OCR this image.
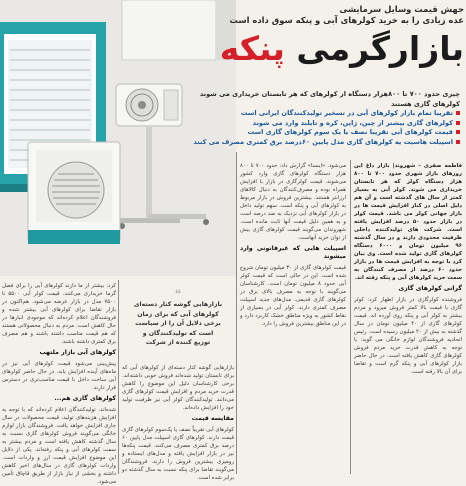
جهش قیمت وسایل سرمایشی
عده زیادی را به خرید کولرهای آبی و پنکه سوق داده است
بازارگرمی پنکه
چیزی حدود ۷۰۰ تا ۸۰۰هزار دستگاه از کولرهای که هر تابستان خریداری می شوند
کولرهای گازی هستند
تقریبا تمام بازار کولرهای آبی در تسخیر تولیدکنندگان ایرانی است
کولرهای گازی بیشتر از چین، ژاپن، کره و تایلند وارد می شوند
قیمت کولرهای آبی تقریبا نصف یا یک سوم کولرهای گازی است
اسپیلت هاسیت یه کولرهای گازی مدل پایین ۶۰درصد برق کمتری مصرف می کنند
فاطمه صفری - شهروند| بازار داغ این روزهای بازار شهری حدود ۷۰۰ تا ۸۰۰ هزار دستگاه کولر که هر تابستان خریداری می شوند. کولر آبی به بسیار کمتر از سال های گذشته است و آن هم دلیل اصلی در کنار افزایش قیمت ها در بازار جهانی کولر می باشد. قیمت کولر در بازار حدود ۵۰ درصد افزایش یافته است. شرکت های تولیدکننده داخلی ظرفیت محدودی دارند و در سال گذشته ۹۶ میلیون تومان و ۶۰۰۰ دستگاه کولرهای گازی تولید شده است. وی بیان کرد با توجه به افزایش قیمت ها در بازار حدود ۶۰ درصد از مصرف کنندگان به سمت خرید کولرهای آبی و پنکه رفته اند.
گرانی کولرهای گازی
فروشنده کولرگازی در بازار اظهار کرد: کولر گازی با قیمت بالا کمتر فروش میرود و مردم بیشتر به کولر آبی و پنکه روی آورده اند. قیمت کولرهای گازی از ۴۰ میلیون تومان در سال گذشته به بیش از ۲۰ میلیون رسیده است. رئیس اتحادیه فروشندگان لوازم خانگی می گوید: با توجه به کاهش قدرت خرید مردم فروش کولرهای گازی کاهش یافته است. در حال حاضر بازار کولرهای آبی و پنکه گرم است و تقاضا برای آن بالا رفته است.
می‌شود. «ایسنا» گزارش داد: حدود ۷۰۰ تا ۸۰۰ هزار دستگاه کولرهای گازی وارد کشور می‌شوند. قیمت کولرگازی در بازار با افزایش همراه بوده و مصرف‌کنندگان به دنبال کالاهای ارزانتر هستند. بیشترین فروش در بازار مربوط به کولرهای آبی و پنکه است. سهم تولید داخل در بازار کولرهای آبی نزدیک به صد درصد است و به همین دلیل قیمت آنها ثابت مانده است. شهروندان می‌گویند قیمت کولرهای گازی بیش از توان خرید آنهاست.
اسپیلت هایی که غیرقانونی وارد میشوند
قیمت کولرهای گازی از ۳۰ میلیون تومان شروع شده است. این در حالی است که قیمت کولر آبی حدود ۸ میلیون تومان است. کارشناسان می‌گویند با توجه به مصرف بالای برق در کولرهای گازی قدیمی، مدل‌های جدید اسپیلت مصرف کمتری دارند. کولر آبی در بسیاری از نقاط کشور به ویژه مناطق خشک کاربرد دارد و در این مناطق بیشترین فروش را دارد.
❝
بازارهایی گوشه کنار دسته‌ای
کولرهای آبی که برای زمان
برخی دلایل آن را از سیاست
است که تولیدکنندگان و
توزیع کننده از شرکت
بازارهایی گوشه کنار دسته‌ای از کولرهای آبی که برای تابستان تولید شده‌اند فروش خوبی داشته‌اند. برخی کارشناسان دلیل این موضوع را کاهش قدرت خرید مردم و افزایش قیمت کولرهای گازی می‌دانند. تولیدکنندگان کولر آبی نیز ظرفیت تولید خود را افزایش داده‌اند.
مقایسه قیمت
کولرهای آبی تقریباً نصف یا یک‌سوم کولرهای گازی قیمت دارند. کولرهای گازی اسپیلت مدل پایین ۶۰ درصد برق کمتری مصرف می‌کنند. قیمت پنکه‌ها نیز در بازار افزایش یافته و مدل‌های ایستاده و رومیزی بیشترین فروش را دارند. فروشندگان می‌گویند تقاضا برای پنکه نسبت به سال گذشته دو برابر شده است.
کرد: بیشتر از ما دارند کولرهای آبی را برای فصل گرما خریداری می‌کنند. قیمت کولر آبی ۵۵۰۰ تا ۷۵۰۰ مدل در بازار عرضه می‌شود. هم‌اکنون در بازار تقاضا برای کولرهای آبی بیشتر شده و فروشندگان اعلام کرده‌اند که موجودی انبارها در حال کاهش است. مردم به دنبال محصولاتی هستند که هم قیمت مناسب داشته باشند و هم مصرف برق کمتری داشته باشند.
کولرهای آبی بازار ملتهب
پیش‌بینی می‌شود قیمت کولرهای آبی نیز در ماه‌های آینده افزایش یابد. در حال حاضر کولرهای آبی ساخت داخل با قیمت مناسب‌تری در دسترس قرار دارند.
کولرهای گازی هم...
شده‌اند. تولیدکنندگان اعلام کرده‌اند که با توجه به افزایش هزینه‌های تولید، قیمت محصولات در سال جاری افزایش خواهد یافت. فروشندگان بازار لوازم خانگی می‌گویند فروش کولرهای گازی نسبت به سال گذشته کاهش یافته است و مردم بیشتر به سمت کولرهای آبی و پنکه رفته‌اند. یکی از دلایل این موضوع افزایش قیمت ارز و واردات است. واردات کولرهای گازی در سال‌های اخیر کاهش داشته و بخشی از نیاز بازار از طریق قاچاق تأمین می‌شود.
